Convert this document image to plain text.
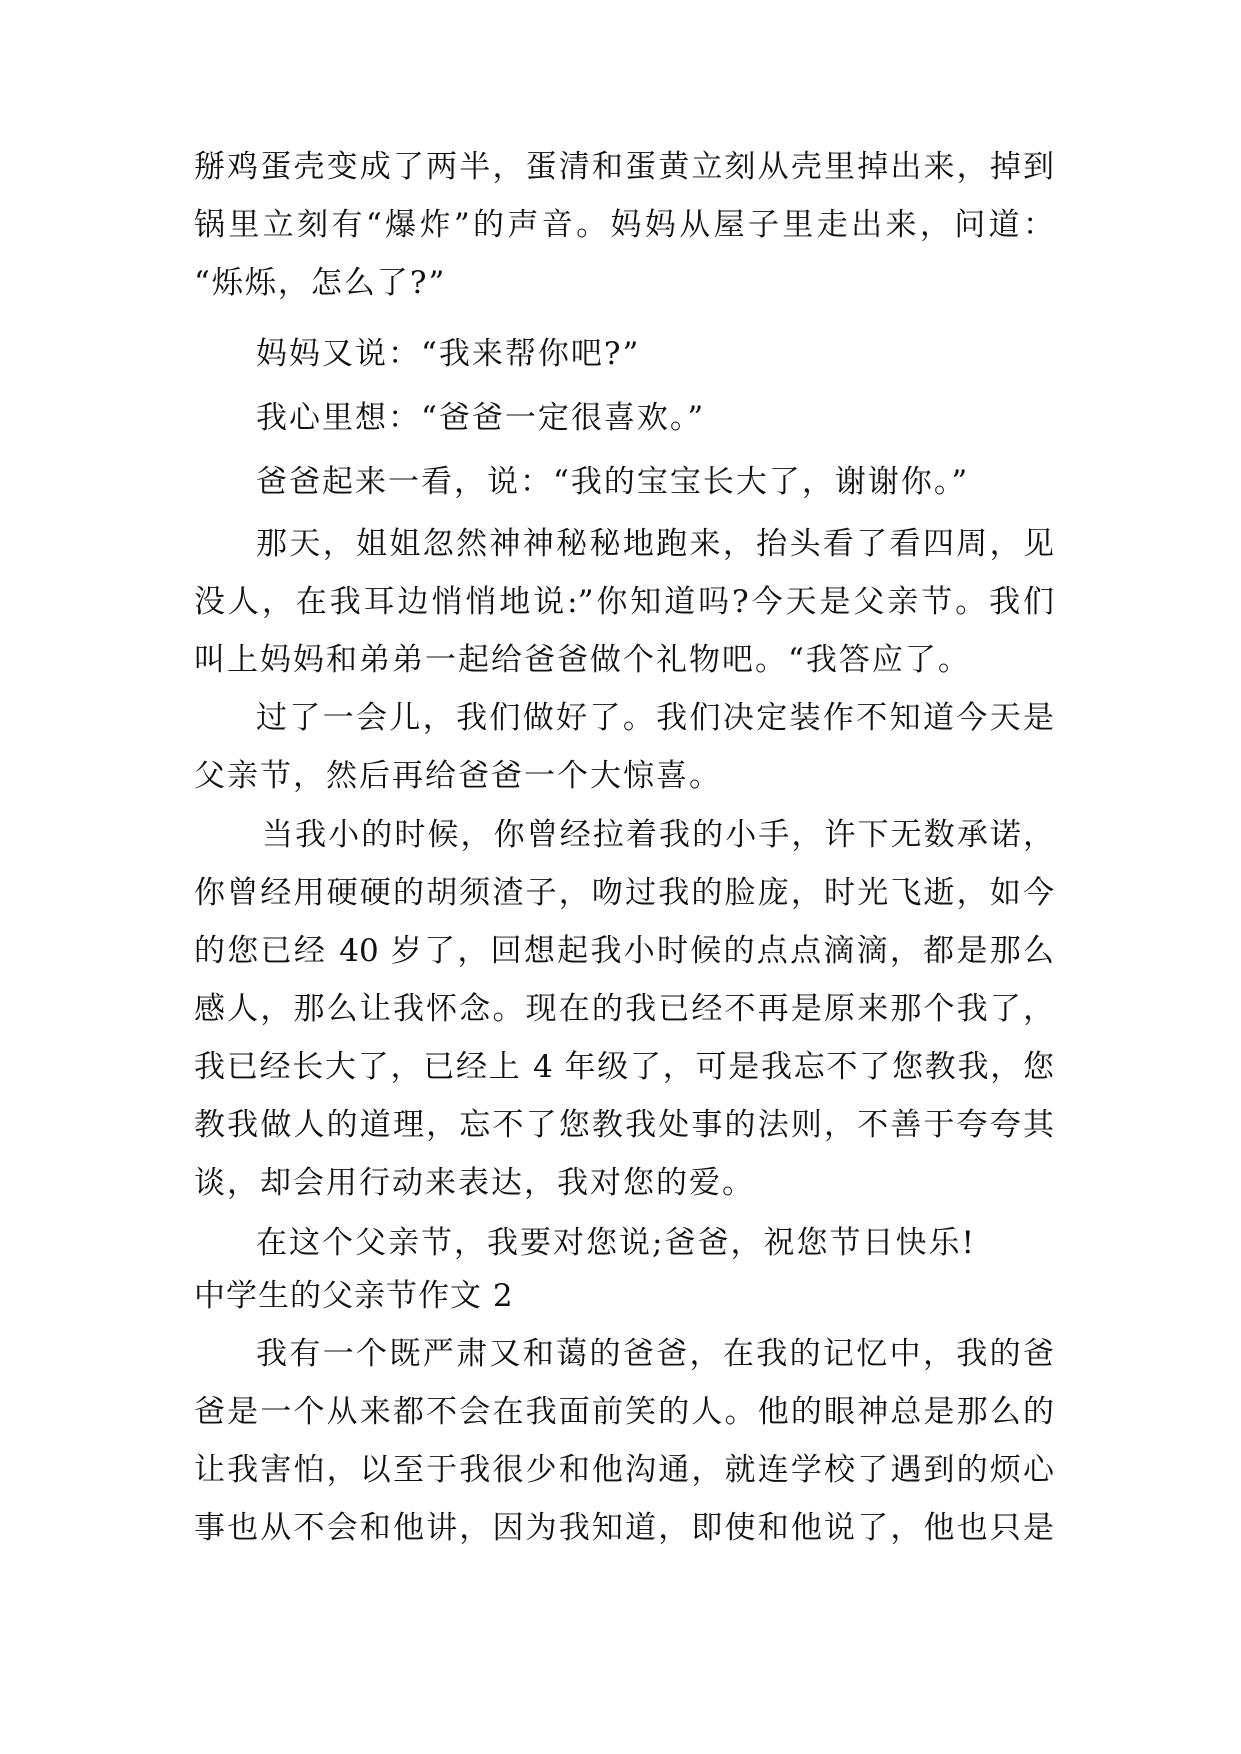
掰鸡蛋壳变成了两半，蛋清和蛋黄立刻从壳里掉出来，掉到
锅里立刻有“爆炸”的声音。妈妈从屋子里走出来，问道：
“烁烁，怎么了?”
妈妈又说：“我来帮你吧?”
我心里想：“爸爸一定很喜欢。”
爸爸起来一看，说：“我的宝宝长大了，谢谢你。”
那天，姐姐忽然神神秘秘地跑来，抬头看了看四周，见
没人，在我耳边悄悄地说:”你知道吗?今天是父亲节。我们
叫上妈妈和弟弟一起给爸爸做个礼物吧。“我答应了。
过了一会儿，我们做好了。我们决定装作不知道今天是
父亲节，然后再给爸爸一个大惊喜。
当我小的时候，你曾经拉着我的小手，许下无数承诺，
你曾经用硬硬的胡须渣子，吻过我的脸庞，时光飞逝，如今
的您已经 40 岁了，回想起我小时候的点点滴滴，都是那么
感人，那么让我怀念。现在的我已经不再是原来那个我了，
我已经长大了，已经上 4 年级了，可是我忘不了您教我，您
教我做人的道理，忘不了您教我处事的法则，不善于夸夸其
谈，却会用行动来表达，我对您的爱。
在这个父亲节，我要对您说;爸爸，祝您节日快乐!
中学生的父亲节作文 2
我有一个既严肃又和蔼的爸爸，在我的记忆中，我的爸
爸是一个从来都不会在我面前笑的人。他的眼神总是那么的
让我害怕，以至于我很少和他沟通，就连学校了遇到的烦心
事也从不会和他讲，因为我知道，即使和他说了，他也只是
